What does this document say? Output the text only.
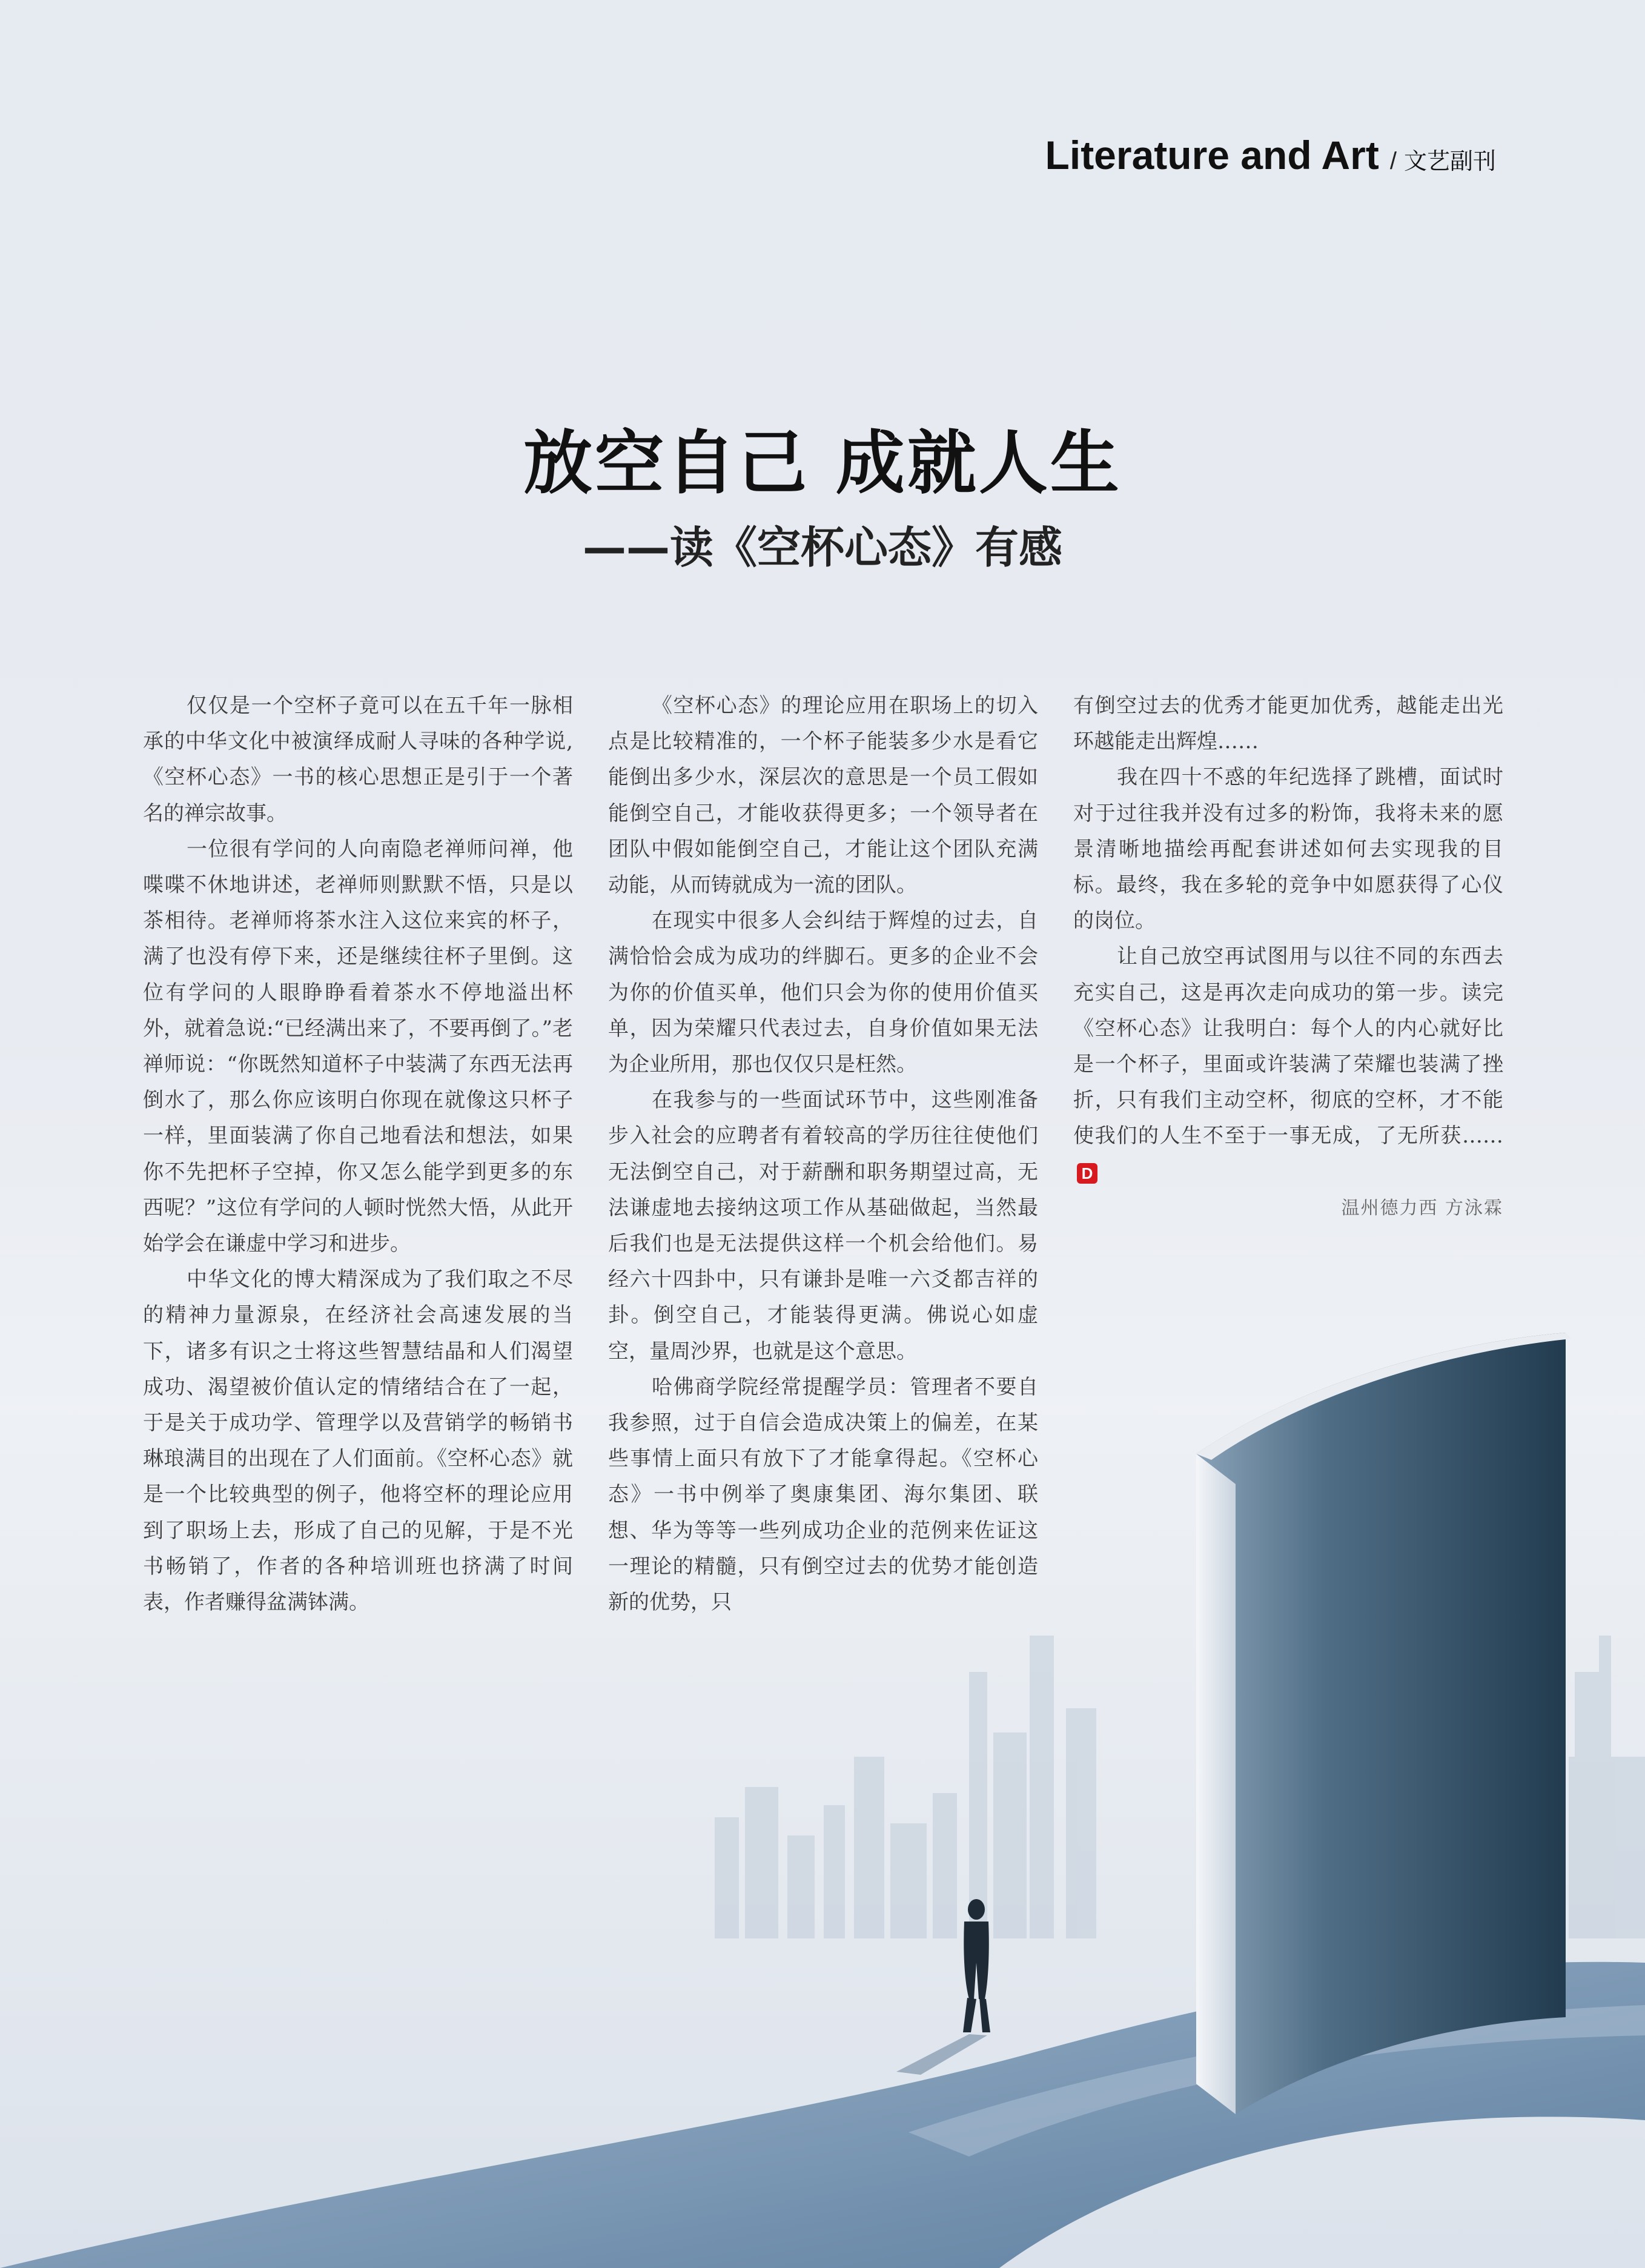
Literature and Art / 文艺副刊
放空自己 成就人生
——读《空杯心态》有感

仅仅是一个空杯子竟可以在五千年一脉相承的中华文化中被演绎成耐人寻味的各种学说,《空杯心态》一书的核心思想正是引于一个著名的禅宗故事。

一位很有学问的人向南隐老禅师问禅，他喋喋不休地讲述，老禅师则默默不悟，只是以茶相待。老禅师将茶水注入这位来宾的杯子，满了也没有停下来，还是继续往杯子里倒。这位有学问的人眼睁睁看着茶水不停地溢出杯外，就着急说:“已经满出来了，不要再倒了。”老禅师说：“你既然知道杯子中装满了东西无法再倒水了，那么你应该明白你现在就像这只杯子一样，里面装满了你自己地看法和想法，如果你不先把杯子空掉，你又怎么能学到更多的东西呢？”这位有学问的人顿时恍然大悟，从此开始学会在谦虚中学习和进步。

中华文化的博大精深成为了我们取之不尽的精神力量源泉，在经济社会高速发展的当下，诸多有识之士将这些智慧结晶和人们渴望成功、渴望被价值认定的情绪结合在了一起，于是关于成功学、管理学以及营销学的畅销书琳琅满目的出现在了人们面前。《空杯心态》就是一个比较典型的例子，他将空杯的理论应用到了职场上去，形成了自己的见解，于是不光书畅销了，作者的各种培训班也挤满了时间表，作者赚得盆满钵满。

《空杯心态》的理论应用在职场上的切入点是比较精准的，一个杯子能装多少水是看它能倒出多少水，深层次的意思是一个员工假如能倒空自己，才能收获得更多；一个领导者在团队中假如能倒空自己，才能让这个团队充满动能，从而铸就成为一流的团队。

在现实中很多人会纠结于辉煌的过去，自满恰恰会成为成功的绊脚石。更多的企业不会为你的价值买单，他们只会为你的使用价值买单，因为荣耀只代表过去，自身价值如果无法为企业所用，那也仅仅只是枉然。

在我参与的一些面试环节中，这些刚准备步入社会的应聘者有着较高的学历往往使他们无法倒空自己，对于薪酬和职务期望过高，无法谦虚地去接纳这项工作从基础做起，当然最后我们也是无法提供这样一个机会给他们。易经六十四卦中，只有谦卦是唯一六爻都吉祥的卦。倒空自己，才能装得更满。佛说心如虚空，量周沙界，也就是这个意思。

哈佛商学院经常提醒学员：管理者不要自我参照，过于自信会造成决策上的偏差，在某些事情上面只有放下了才能拿得起。《空杯心态》一书中例举了奥康集团、海尔集团、联想、华为等等一些列成功企业的范例来佐证这一理论的精髓，只有倒空过去的优势才能创造新的优势，只

有倒空过去的优秀才能更加优秀，越能走出光环越能走出辉煌……

我在四十不惑的年纪选择了跳槽，面试时对于过往我并没有过多的粉饰，我将未来的愿景清晰地描绘再配套讲述如何去实现我的目标。最终，我在多轮的竞争中如愿获得了心仪的岗位。

让自己放空再试图用与以往不同的东西去充实自己，这是再次走向成功的第一步。读完《空杯心态》让我明白：每个人的内心就好比是一个杯子，里面或许装满了荣耀也装满了挫折，只有我们主动空杯，彻底的空杯，才不能使我们的人生不至于一事无成，了无所获……D

温州德力西 方泳霖
